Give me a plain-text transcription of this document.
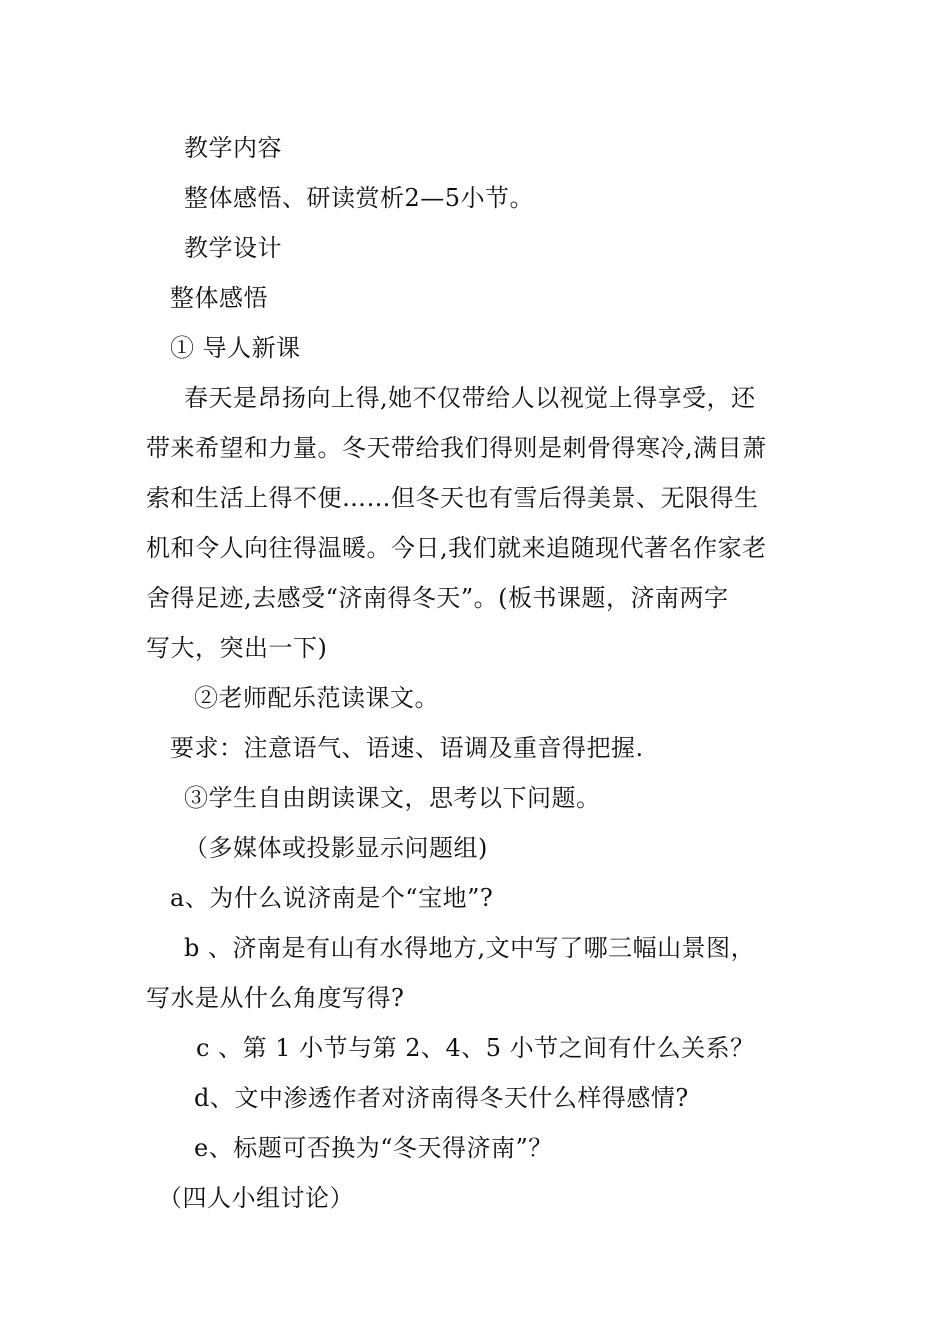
教学内容
整体感悟、研读赏析2—5小节。
教学设计
整体感悟
① 导人新课
春天是昂扬向上得,她不仅带给人以视觉上得享受，还
带来希望和力量。冬天带给我们得则是刺骨得寒冷,满目萧
索和生活上得不便……但冬天也有雪后得美景、无限得生
机和令人向往得温暖。今日,我们就来追随现代著名作家老
舍得足迹,去感受“济南得冬天”。(板书课题，济南两字
写大，突出一下)
②老师配乐范读课文。
要求：注意语气、语速、语调及重音得把握.
③学生自由朗读课文，思考以下问题。
（多媒体或投影显示问题组)
a、为什么说济南是个“宝地”?
b 、济南是有山有水得地方,文中写了哪三幅山景图，
写水是从什么角度写得?
c 、第 1 小节与第 2、4、5 小节之间有什么关系？
d、文中渗透作者对济南得冬天什么样得感情?
e、标题可否换为“冬天得济南”？
（四人小组讨论）
